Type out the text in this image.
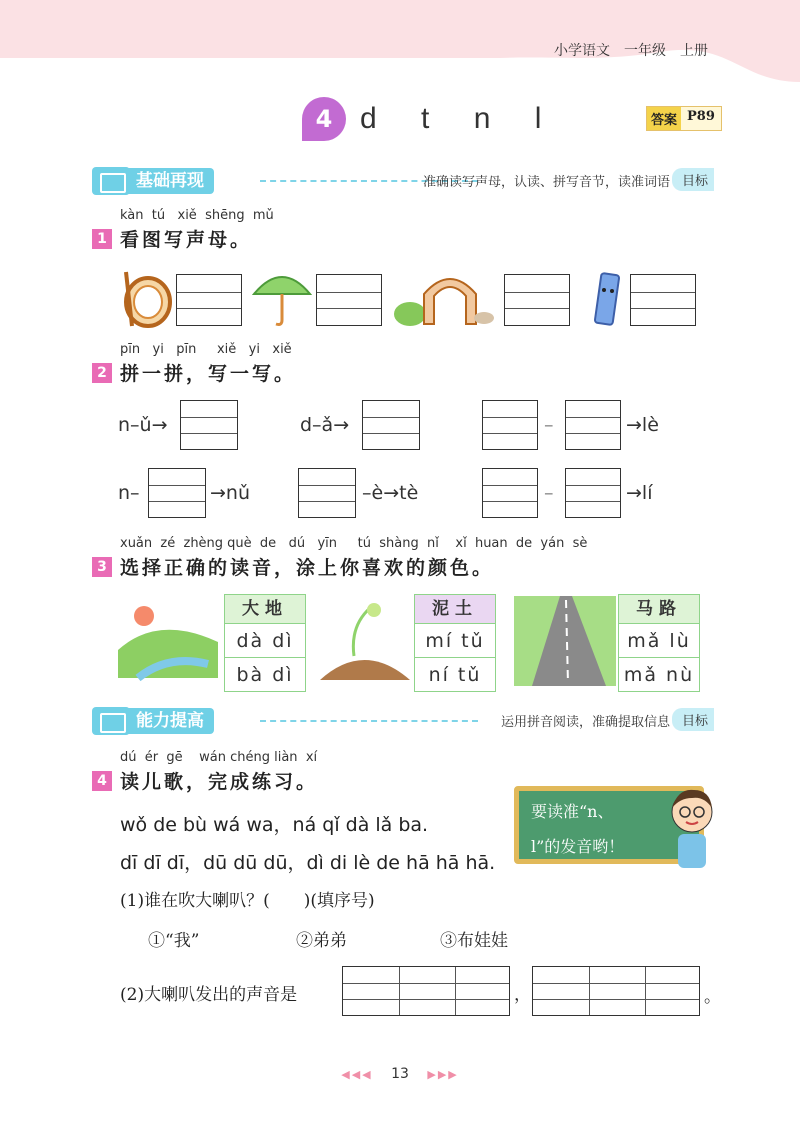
小学语文　一年级　上册
4 d t n l	答案 P89
基础再现	准确读写声母，认读、拼写音节，读准词语 目标
kàn  tú   xiě  shēng  mǔ
1 看图写声母。
pīn   yi   pīn     xiě   yi   xiě
2 拼一拼，写一写。
n–ǔ→	d–ǎ→	–	→lè
n–	→nǔ	–è→tè	–	→lí
xuǎn  zé  zhèng què  de   dú   yīn     tú  shàng  nǐ    xǐ  huan  de  yán  sè
3 选择正确的读音，涂上你喜欢的颜色。
大地
dà dì
bà dì
泥土
mí tǔ
ní tǔ
马路
mǎ lù
mǎ nù
能力提高	运用拼音阅读，准确提取信息 目标
dú  ér  gē    wán chéng liàn  xí
4 读儿歌，完成练习。
wǒ de bù wá wa，ná qǐ dà lǎ ba.
dī dī dī，dū dū dū，dì di lè de hā hā hā.
要读准“n、
l”的发音哟！
(1)谁在吹大喇叭？(　　)(填序号)
①“我”	②弟弟	③布娃娃
(2)大喇叭发出的声音是	，	。
◀◀◀ 13 ▶▶▶
